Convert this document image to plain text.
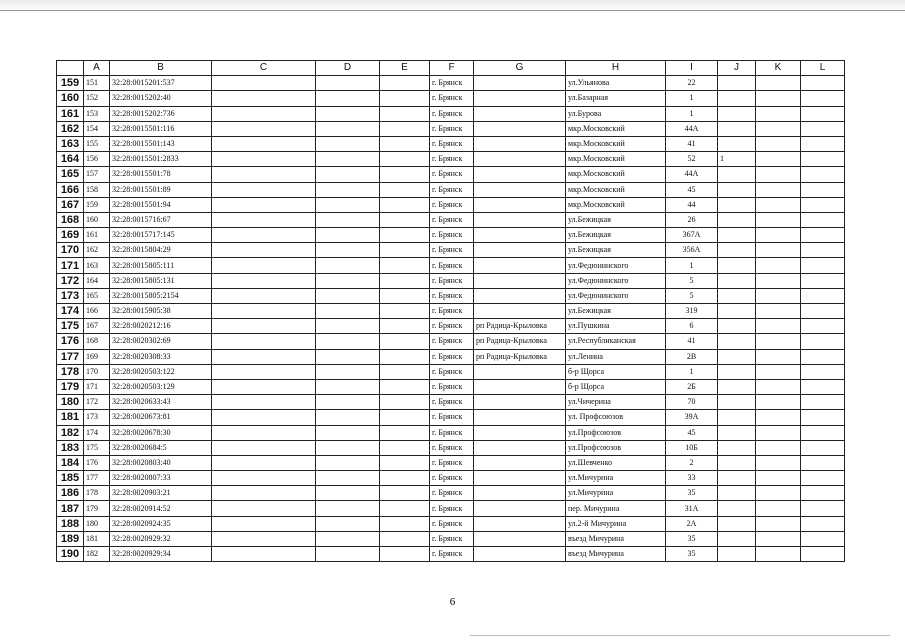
	A	B	C	D	E	F	G	H	I	J	K	L
159	151	32:28:0015201:537				г. Брянск		ул.Ульянова	22			
160	152	32:28:0015202:40				г. Брянск		ул.Базарная	1			
161	153	32:28:0015202:736				г. Брянск		ул.Бурова	1			
162	154	32:28:0015501:116				г. Брянск		мкр.Московский	44А			
163	155	32:28:0015501:143				г. Брянск		мкр.Московский	41			
164	156	32:28:0015501:2833				г. Брянск		мкр.Московский	52	1		
165	157	32:28:0015501:78				г. Брянск		мкр.Московский	44А			
166	158	32:28:0015501:89				г. Брянск		мкр.Московский	45			
167	159	32:28:0015501:94				г. Брянск		мкр.Московский	44			
168	160	32:28:0015716:67				г. Брянск		ул.Бежицкая	26			
169	161	32:28:0015717:145				г. Брянск		ул.Бежицкая	367А			
170	162	32:28:0015804:29				г. Брянск		ул.Бежицкая	356А			
171	163	32:28:0015805:111				г. Брянск		ул.Федюнинского	1			
172	164	32:28:0015805:131				г. Брянск		ул.Федюнинского	5			
173	165	32:28:0015805:2154				г. Брянск		ул.Федюнинского	5			
174	166	32:28:0015905:38				г. Брянск		ул.Бежицкая	319			
175	167	32:28:0020212:16				г. Брянск	рп Радица-Крыловка	ул.Пушкина	6			
176	168	32:28:0020302:69				г. Брянск	рп Радица-Крыловка	ул.Республиканская	41			
177	169	32:28:0020308:33				г. Брянск	рп Радица-Крыловка	ул.Ленина	2В			
178	170	32:28:0020503:122				г. Брянск		б-р Щорса	1			
179	171	32:28:0020503:129				г. Брянск		б-р Щорса	2Б			
180	172	32:28:0020633:43				г. Брянск		ул.Чичерина	70			
181	173	32:28:0020673:81				г. Брянск		ул. Профсоюзов	39А			
182	174	32:28:0020678:30				г. Брянск		ул.Профсоюзов	45			
183	175	32:28:0020684:5				г. Брянск		ул.Профсоюзов	10Б			
184	176	32:28:0020803:40				г. Брянск		ул.Шевченко	2			
185	177	32:28:0020807:33				г. Брянск		ул.Мичурина	33			
186	178	32:28:0020903:21				г. Брянск		ул.Мичурина	35			
187	179	32:28:0020914:52				г. Брянск		пер. Мичурина	31А			
188	180	32:28:0020924:35				г. Брянск		ул.2-й Мичурина	2А			
189	181	32:28:0020929:32				г. Брянск		въезд Мичурина	35			
190	182	32:28:0020929:34				г. Брянск		въезд Мичурина	35			
6
